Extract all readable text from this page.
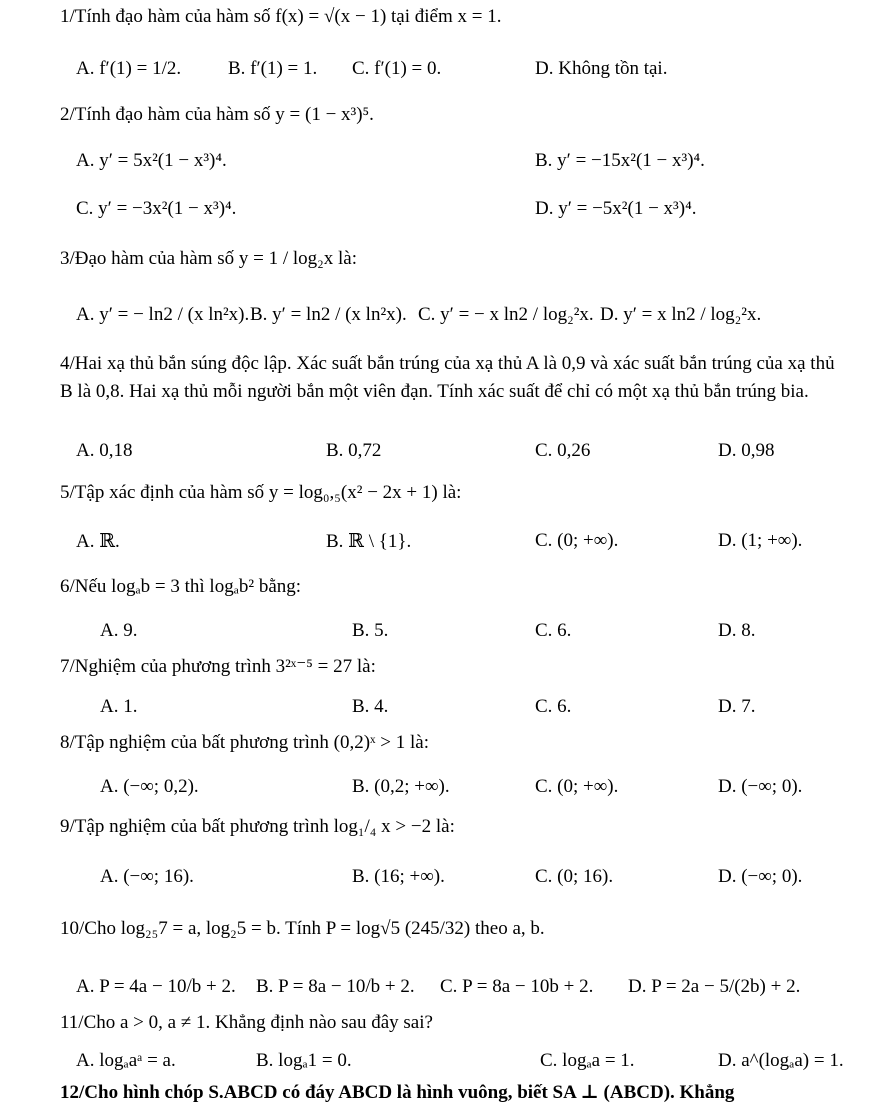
1/Tính đạo hàm của hàm số f(x) = √(x − 1) tại điểm x = 1.
A. f′(1) = 1/2. B. f′(1) = 1. C. f′(1) = 0.	D. Không tồn tại.
2/Tính đạo hàm của hàm số y = (1 − x³)⁵.
A. y′ = 5x²(1 − x³)⁴.	B. y′ = −15x²(1 − x³)⁴.
C. y′ = −3x²(1 − x³)⁴.	D. y′ = −5x²(1 − x³)⁴.
3/Đạo hàm của hàm số y = 1 / log₂x là:
A. y′ = − ln2 / (x ln²x). B. y′ = ln2 / (x ln²x). C. y′ = − x ln2 / log₂²x. D. y′ = x ln2 / log₂²x.
4/Hai xạ thủ bắn súng độc lập. Xác suất bắn trúng của xạ thủ A là 0,9 và xác suất bắn trúng của xạ thủ B là 0,8. Hai xạ thủ mỗi người bắn một viên đạn. Tính xác suất để chỉ có một xạ thủ bắn trúng bia.
A. 0,18	B. 0,72	C. 0,26	D. 0,98
5/Tập xác định của hàm số y = log₀,₅(x² − 2x + 1) là:
A. ℝ.	B. ℝ \ {1}.	C. (0; +∞).	D. (1; +∞).
6/Nếu logₐb = 3 thì logₐb² bằng:
A. 9.	B. 5.	C. 6.	D. 8.
7/Nghiệm của phương trình 3²ˣ⁻⁵ = 27 là:
A. 1.	B. 4.	C. 6.	D. 7.
8/Tập nghiệm của bất phương trình (0,2)ˣ > 1 là:
A. (−∞; 0,2).	B. (0,2; +∞).	C. (0; +∞).	D. (−∞; 0).
9/Tập nghiệm của bất phương trình log₁/₄ x > −2 là:
A. (−∞; 16).	B. (16; +∞).	C. (0; 16).	D. (−∞; 0).
10/Cho log₂₅7 = a, log₂5 = b. Tính P = log√5 (245/32) theo a, b.
A. P = 4a − 10/b + 2. B. P = 8a − 10/b + 2. C. P = 8a − 10b + 2. D. P = 2a − 5/(2b) + 2.
11/Cho a > 0, a ≠ 1. Khẳng định nào sau đây sai?
A. logₐaᵃ = a.	B. logₐ1 = 0.	C. logₐa = 1.	D. a^(logₐa) = 1.
12/Cho hình chóp S.ABCD có đáy ABCD là hình vuông, biết SA ⊥ (ABCD). Khẳng
